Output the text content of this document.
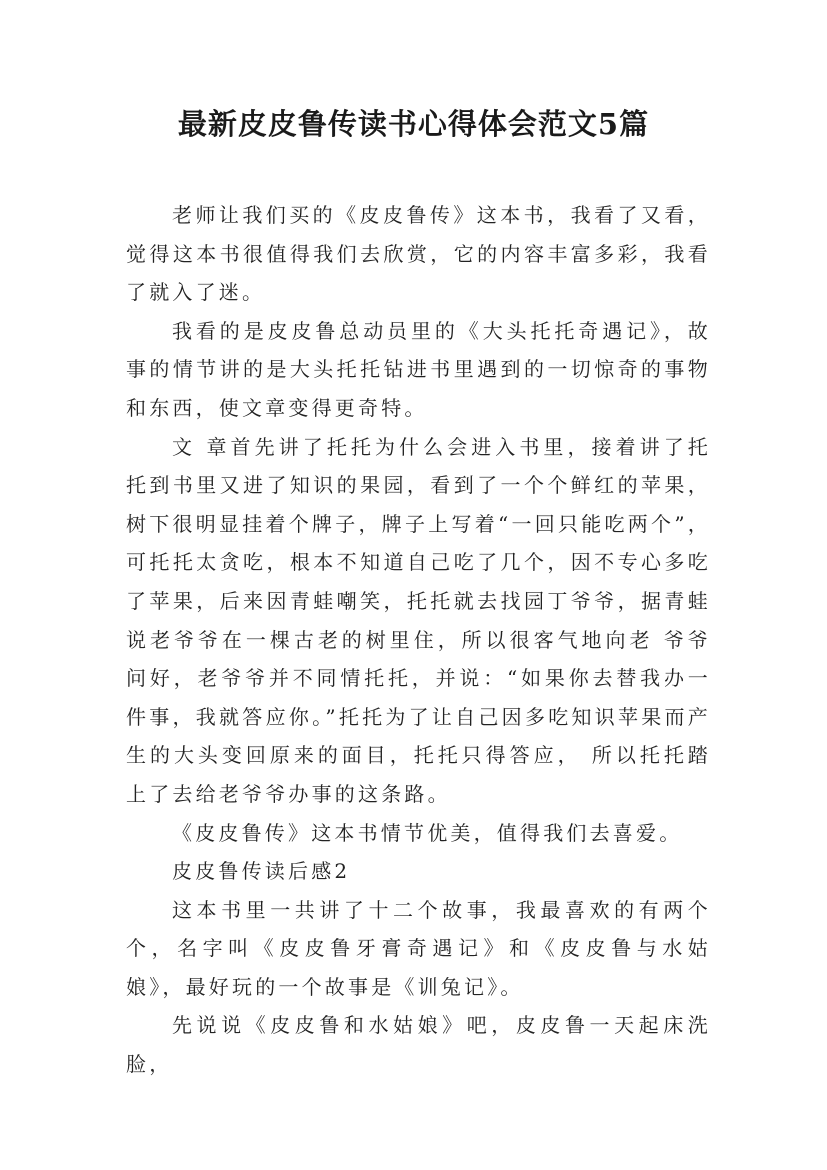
最新皮皮鲁传读书心得体会范文5篇

老师让我们买的《皮皮鲁传》这本书，我看了又看，觉得这本书很值得我们去欣赏，它的内容丰富多彩，我看了就入了迷。

我看的是皮皮鲁总动员里的《大头托托奇遇记》，故事的情节讲的是大头托托钻进书里遇到的一切惊奇的事物和东西，使文章变得更奇特。

文 章首先讲了托托为什么会进入书里，接着讲了托托到书里又进了知识的果园，看到了一个个鲜红的苹果，树下很明显挂着个牌子，牌子上写着“一回只能吃两个”， 可托托太贪吃，根本不知道自己吃了几个，因不专心多吃了苹果，后来因青蛙嘲笑，托托就去找园丁爷爷，据青蛙说老爷爷在一棵古老的树里住，所以很客气地向老 爷爷问好，老爷爷并不同情托托，并说：“如果你去替我办一件事，我就答应你。”托托为了让自己因多吃知识苹果而产生的大头变回原来的面目，托托只得答应， 所以托托踏上了去给老爷爷办事的这条路。

《皮皮鲁传》这本书情节优美，值得我们去喜爱。

皮皮鲁传读后感2

这本书里一共讲了十二个故事，我最喜欢的有两个个，名字叫《皮皮鲁牙膏奇遇记》和《皮皮鲁与水姑娘》，最好玩的一个故事是《训兔记》。

先说说《皮皮鲁和水姑娘》吧，皮皮鲁一天起床洗脸，
